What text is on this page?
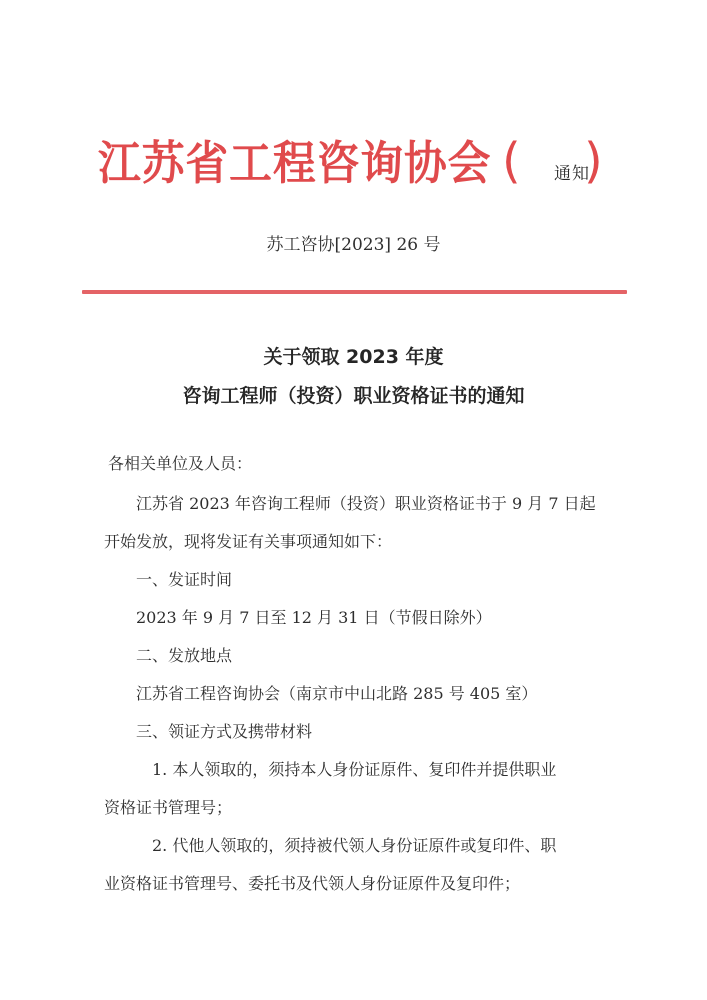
江苏省工程咨询协会 ( 通知
)
苏工咨协[2023] 26 号
关于领取 2023 年度
咨询工程师（投资）职业资格证书的通知
各相关单位及人员：
江苏省 2023 年咨询工程师（投资）职业资格证书于 9 月 7 日起
开始发放，现将发证有关事项通知如下：
一、发证时间
2023 年 9 月 7 日至 12 月 31 日（节假日除外）
二、发放地点
江苏省工程咨询协会（南京市中山北路 285 号 405 室）
三、领证方式及携带材料
1. 本人领取的，须持本人身份证原件、复印件并提供职业
资格证书管理号；
2. 代他人领取的，须持被代领人身份证原件或复印件、职
业资格证书管理号、委托书及代领人身份证原件及复印件；
